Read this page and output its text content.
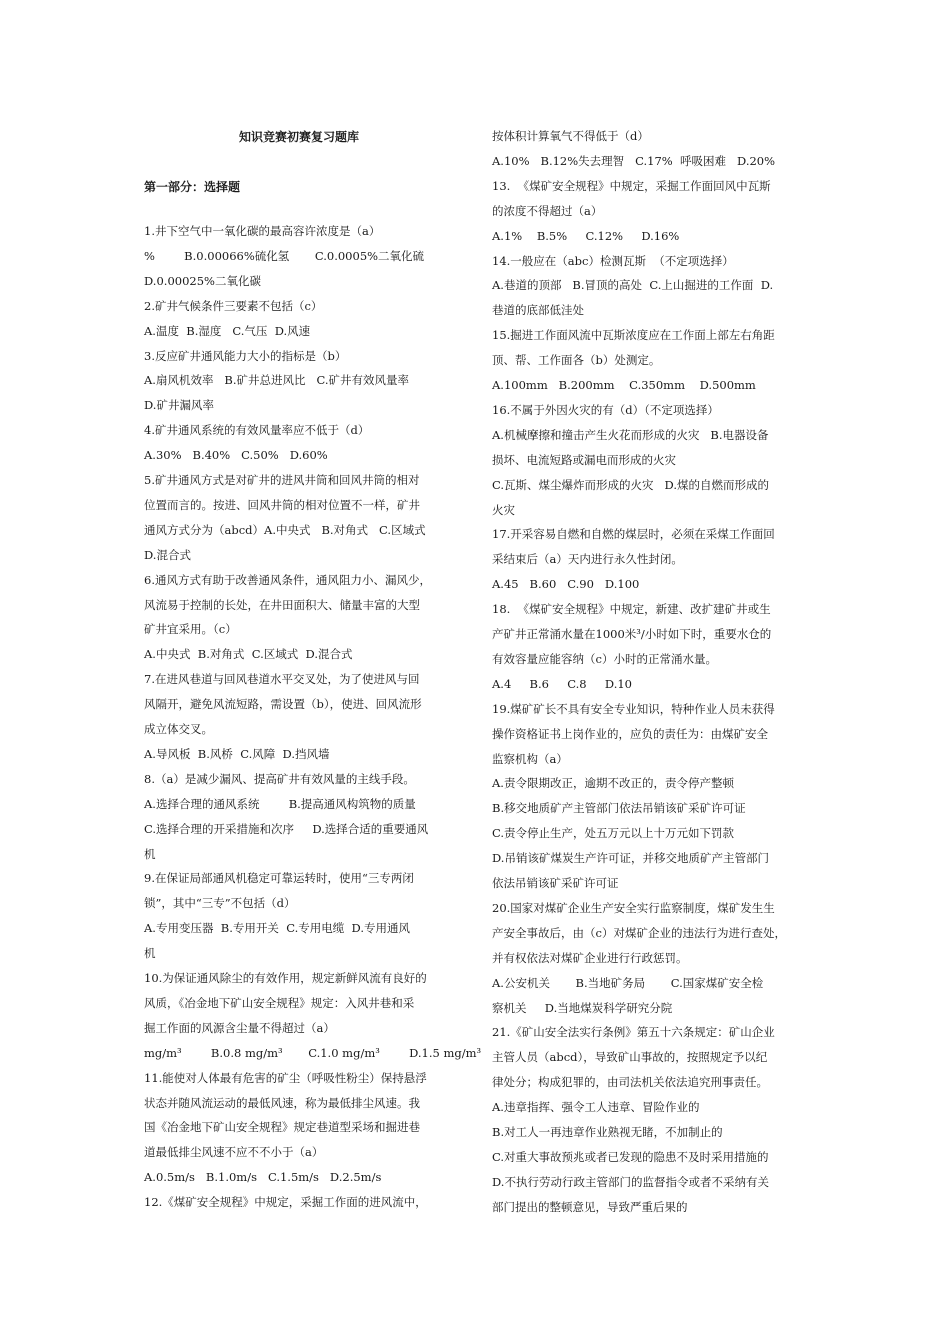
知识竞赛初赛复习题库
第一部分：选择题

1.井下空气中一氧化碳的最高容许浓度是（a）

%        B.0.00066%硫化氢       C.0.0005%二氧化硫

D.0.00025%二氧化碳

2.矿井气候条件三要素不包括（c）

A.温度  B.湿度   C.气压  D.风速

3.反应矿井通风能力大小的指标是（b）

A.扇风机效率   B.矿井总进风比   C.矿井有效风量率

D.矿井漏风率

4.矿井通风系统的有效风量率应不低于（d）

A.30%   B.40%   C.50%   D.60%

5.矿井通风方式是对矿井的进风井筒和回风井筒的相对

位置而言的。按进、回风井筒的相对位置不一样，矿井

通风方式分为（abcd）A.中央式   B.对角式   C.区域式

D.混合式

6.通风方式有助于改善通风条件，通风阻力小、漏风少，

风流易于控制的长处，在井田面积大、储量丰富的大型

矿井宜采用。（c）

A.中央式  B.对角式  C.区域式  D.混合式

7.在进风巷道与回风巷道水平交叉处，为了使进风与回

风隔开，避免风流短路，需设置（b），使进、回风流形

成立体交叉。

A.导风板  B.风桥  C.风障  D.挡风墙

8.（a）是减少漏风、提高矿井有效风量的主线手段。

A.选择合理的通风系统        B.提高通风构筑物的质量

C.选择合理的开采措施和次序     D.选择合适的重要通风

机

9.在保证局部通风机稳定可靠运转时，使用“三专两闭

锁”，其中“三专”不包括（d）

A.专用变压器  B.专用开关  C.专用电缆  D.专用通风

机

10.为保证通风除尘的有效作用，规定新鲜风流有良好的

风质，《冶金地下矿山安全规程》规定：入风井巷和采

掘工作面的风源含尘量不得超过（a）

mg/m³        B.0.8 mg/m³       C.1.0 mg/m³        D.1.5 mg/m³

11.能使对人体最有危害的矿尘（呼吸性粉尘）保持悬浮

状态并随风流运动的最低风速，称为最低排尘风速。我

国《冶金地下矿山安全规程》规定巷道型采场和掘进巷

道最低排尘风速不应不不小于（a）

A.0.5m/s   B.1.0m/s   C.1.5m/s   D.2.5m/s

12.《煤矿安全规程》中规定，采掘工作面的进风流中，

按体积计算氧气不得低于（d）

A.10%   B.12%失去理智   C.17%  呼吸困难   D.20%

13.  《煤矿安全规程》中规定，采掘工作面回风中瓦斯

的浓度不得超过（a）

A.1%    B.5%     C.12%     D.16%

14.一般应在（abc）检测瓦斯  （不定项选择）

A.巷道的顶部   B.冒顶的高处  C.上山掘进的工作面  D.

巷道的底部低洼处

15.掘进工作面风流中瓦斯浓度应在工作面上部左右角距

顶、帮、工作面各（b）处测定。

A.100mm   B.200mm    C.350mm    D.500mm

16.不属于外因火灾的有（d）（不定项选择）

A.机械摩擦和撞击产生火花而形成的火灾   B.电器设备

损坏、电流短路或漏电而形成的火灾

C.瓦斯、煤尘爆炸而形成的火灾   D.煤的自燃而形成的

火灾

17.开采容易自燃和自燃的煤层时，必须在采煤工作面回

采结束后（a）天内进行永久性封闭。

A.45   B.60   C.90   D.100

18.  《煤矿安全规程》中规定，新建、改扩建矿井或生

产矿井正常涌水量在1000米³/小时如下时，重要水仓的

有效容量应能容纳（c）小时的正常涌水量。

A.4     B.6     C.8     D.10

19.煤矿矿长不具有安全专业知识，特种作业人员未获得

操作资格证书上岗作业的，应负的责任为：由煤矿安全

监察机构（a）

A.责令限期改正，逾期不改正的，责令停产整顿

B.移交地质矿产主管部门依法吊销该矿采矿许可证

C.责令停止生产，处五万元以上十万元如下罚款

D.吊销该矿煤炭生产许可证，并移交地质矿产主管部门

依法吊销该矿采矿许可证

20.国家对煤矿企业生产安全实行监察制度，煤矿发生生

产安全事故后，由（c）对煤矿企业的违法行为进行查处，

并有权依法对煤矿企业进行行政惩罚。

A.公安机关       B.当地矿务局       C.国家煤矿安全检

察机关     D.当地煤炭科学研究分院

21.《矿山安全法实行条例》第五十六条规定：矿山企业

主管人员（abcd），导致矿山事故的，按照规定予以纪

律处分；构成犯罪的，由司法机关依法追究刑事责任。

A.违章指挥、强令工人违章、冒险作业的

B.对工人一再违章作业熟视无睹，不加制止的

C.对重大事故预兆或者已发现的隐患不及时采用措施的

D.不执行劳动行政主管部门的监督指令或者不采纳有关

部门提出的整顿意见，导致严重后果的
